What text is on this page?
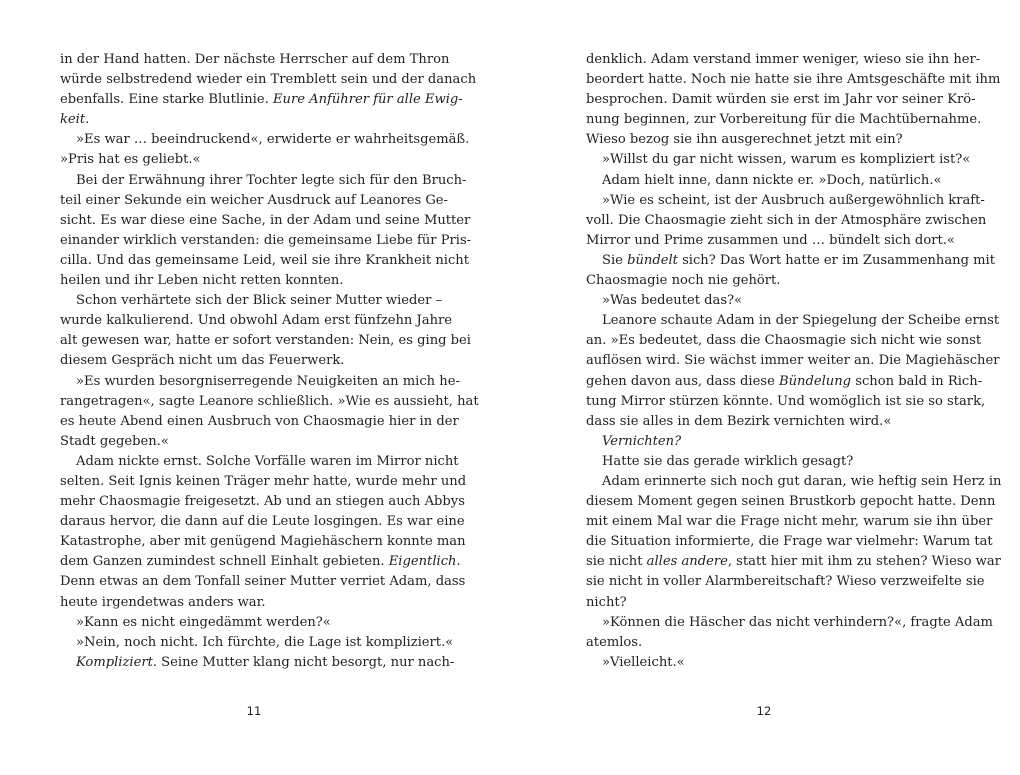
in der Hand hatten. Der nächste Herrscher auf dem Thron
würde selbstredend wieder ein Tremblett sein und der danach
ebenfalls. Eine starke Blutlinie. Eure Anführer für alle Ewig-
keit.
»Es war … beeindruckend«, erwiderte er wahrheitsgemäß.
»Pris hat es geliebt.«
Bei der Erwähnung ihrer Tochter legte sich für den Bruch-
teil einer Sekunde ein weicher Ausdruck auf Leanores Ge-
sicht. Es war diese eine Sache, in der Adam und seine Mutter
einander wirklich verstanden: die gemeinsame Liebe für Pris-
cilla. Und das gemeinsame Leid, weil sie ihre Krankheit nicht
heilen und ihr Leben nicht retten konnten.
Schon verhärtete sich der Blick seiner Mutter wieder –
wurde kalkulierend. Und obwohl Adam erst fünfzehn Jahre
alt gewesen war, hatte er sofort verstanden: Nein, es ging bei
diesem Gespräch nicht um das Feuerwerk.
»Es wurden besorgniserregende Neuigkeiten an mich he-
rangetragen«, sagte Leanore schließlich. »Wie es aussieht, hat
es heute Abend einen Ausbruch von Chaosmagie hier in der
Stadt gegeben.«
Adam nickte ernst. Solche Vorfälle waren im Mirror nicht
selten. Seit Ignis keinen Träger mehr hatte, wurde mehr und
mehr Chaosmagie freigesetzt. Ab und an stiegen auch Abbys
daraus hervor, die dann auf die Leute losgingen. Es war eine
Katastrophe, aber mit genügend Magiehäschern konnte man
dem Ganzen zumindest schnell Einhalt gebieten. Eigentlich.
Denn etwas an dem Tonfall seiner Mutter verriet Adam, dass
heute irgendetwas anders war.
»Kann es nicht eingedämmt werden?«
»Nein, noch nicht. Ich fürchte, die Lage ist kompliziert.«
Kompliziert. Seine Mutter klang nicht besorgt, nur nach-
denklich. Adam verstand immer weniger, wieso sie ihn her-
beordert hatte. Noch nie hatte sie ihre Amtsgeschäfte mit ihm
besprochen. Damit würden sie erst im Jahr vor seiner Krö-
nung beginnen, zur Vorbereitung für die Machtübernahme.
Wieso bezog sie ihn ausgerechnet jetzt mit ein?
»Willst du gar nicht wissen, warum es kompliziert ist?«
Adam hielt inne, dann nickte er. »Doch, natürlich.«
»Wie es scheint, ist der Ausbruch außergewöhnlich kraft-
voll. Die Chaosmagie zieht sich in der Atmosphäre zwischen
Mirror und Prime zusammen und … bündelt sich dort.«
Sie bündelt sich? Das Wort hatte er im Zusammenhang mit
Chaosmagie noch nie gehört.
»Was bedeutet das?«
Leanore schaute Adam in der Spiegelung der Scheibe ernst
an. »Es bedeutet, dass die Chaosmagie sich nicht wie sonst
auflösen wird. Sie wächst immer weiter an. Die Magiehäscher
gehen davon aus, dass diese Bündelung schon bald in Rich-
tung Mirror stürzen könnte. Und womöglich ist sie so stark,
dass sie alles in dem Bezirk vernichten wird.«
Vernichten?
Hatte sie das gerade wirklich gesagt?
Adam erinnerte sich noch gut daran, wie heftig sein Herz in
diesem Moment gegen seinen Brustkorb gepocht hatte. Denn
mit einem Mal war die Frage nicht mehr, warum sie ihn über
die Situation informierte, die Frage war vielmehr: Warum tat
sie nicht alles andere, statt hier mit ihm zu stehen? Wieso war
sie nicht in voller Alarmbereitschaft? Wieso verzweifelte sie
nicht?
»Können die Häscher das nicht verhindern?«, fragte Adam
atemlos.
»Vielleicht.«
11	12
